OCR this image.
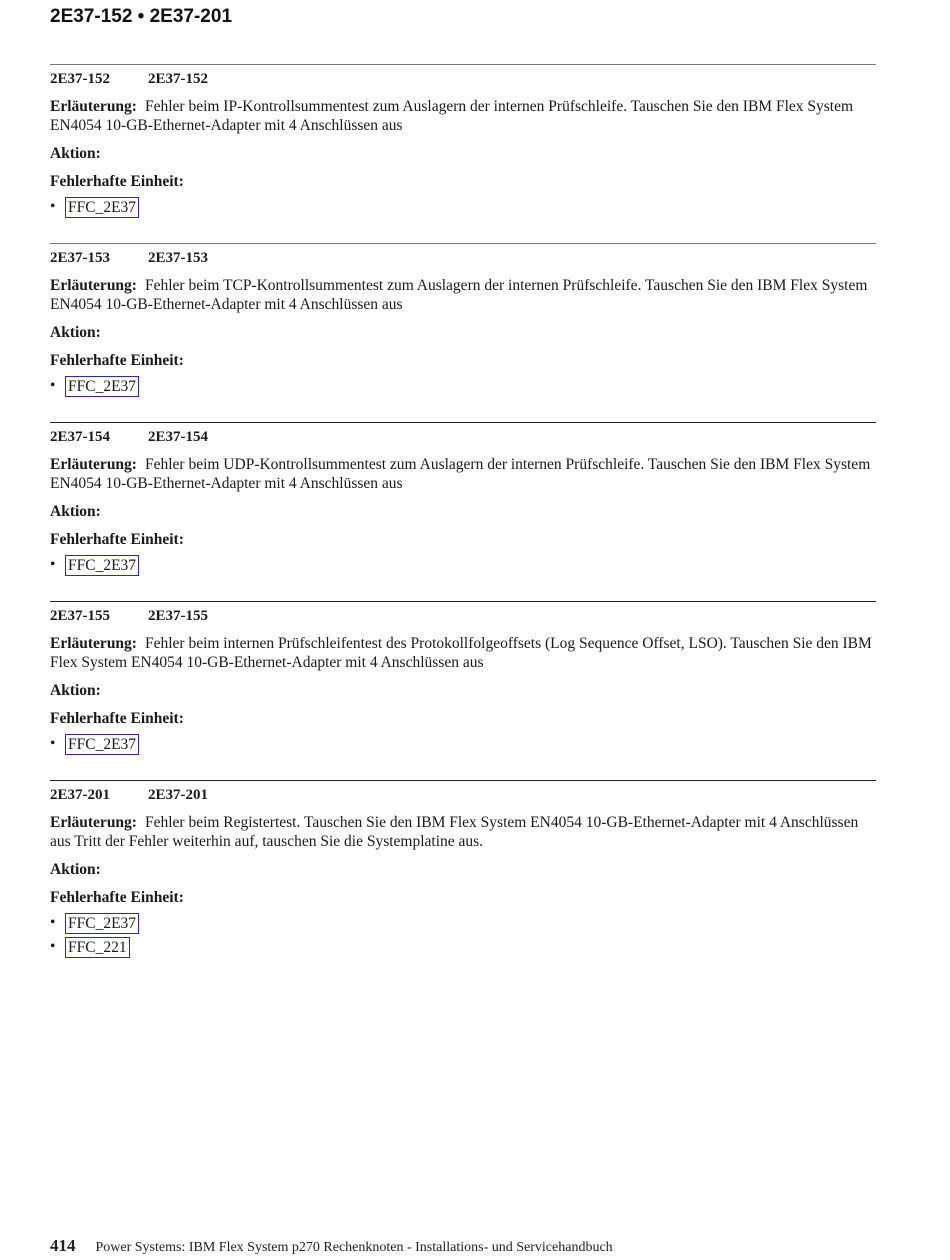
2E37-152 • 2E37-201
2E37-152	2E37-152

Erläuterung: Fehler beim IP-Kontrollsummentest zum Auslagern der internen Prüfschleife. Tauschen Sie den IBM Flex System EN4054 10-GB-Ethernet-Adapter mit 4 Anschlüssen aus

Aktion:

Fehlerhafte Einheit:

• FFC_2E37
2E37-153	2E37-153

Erläuterung: Fehler beim TCP-Kontrollsummentest zum Auslagern der internen Prüfschleife. Tauschen Sie den IBM Flex System EN4054 10-GB-Ethernet-Adapter mit 4 Anschlüssen aus

Aktion:

Fehlerhafte Einheit:

• FFC_2E37
2E37-154	2E37-154

Erläuterung: Fehler beim UDP-Kontrollsummentest zum Auslagern der internen Prüfschleife. Tauschen Sie den IBM Flex System EN4054 10-GB-Ethernet-Adapter mit 4 Anschlüssen aus

Aktion:

Fehlerhafte Einheit:

• FFC_2E37
2E37-155	2E37-155

Erläuterung: Fehler beim internen Prüfschleifentest des Protokollfolgeoffsets (Log Sequence Offset, LSO). Tauschen Sie den IBM Flex System EN4054 10-GB-Ethernet-Adapter mit 4 Anschlüssen aus

Aktion:

Fehlerhafte Einheit:

• FFC_2E37
2E37-201	2E37-201

Erläuterung: Fehler beim Registertest. Tauschen Sie den IBM Flex System EN4054 10-GB-Ethernet-Adapter mit 4 Anschlüssen aus Tritt der Fehler weiterhin auf, tauschen Sie die Systemplatine aus.

Aktion:

Fehlerhafte Einheit:

• FFC_2E37
• FFC_221
414 Power Systems: IBM Flex System p270 Rechenknoten - Installations- und Servicehandbuch
